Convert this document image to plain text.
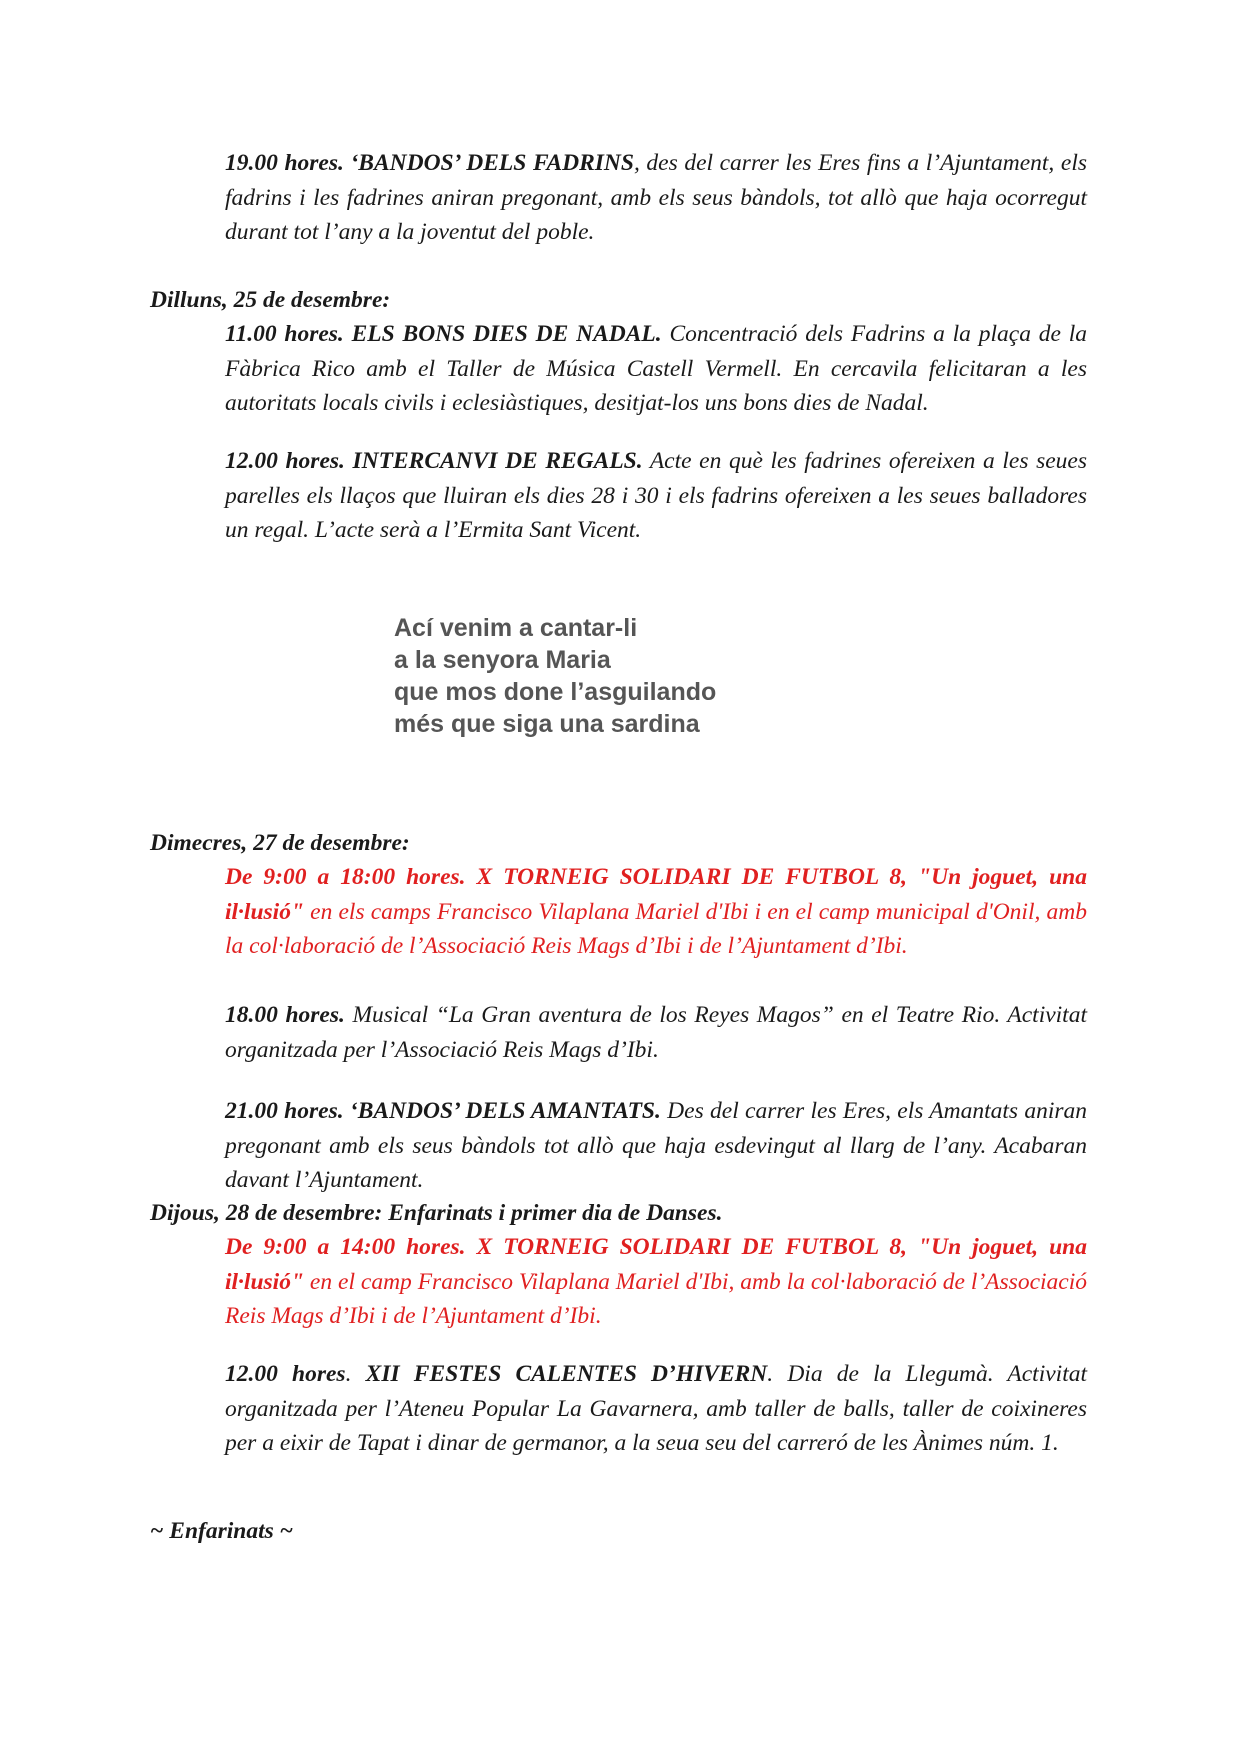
19.00 hores. ‘BANDOS’ DELS FADRINS, des del carrer les Eres fins a l’Ajuntament, els fadrins i les fadrines aniran pregonant, amb els seus bàndols, tot allò que haja ocorregut durant tot l’any a la joventut del poble.
Dilluns, 25 de desembre:
11.00 hores. ELS BONS DIES DE NADAL. Concentració dels Fadrins a la plaça de la Fàbrica Rico amb el Taller de Música Castell Vermell. En cercavila felicitaran a les autoritats locals civils i eclesiàstiques, desitjat-los uns bons dies de Nadal.
12.00 hores. INTERCANVI DE REGALS. Acte en què les fadrines ofereixen a les seues parelles els llaços que lluiran els dies 28 i 30 i els fadrins ofereixen a les seues balladores un regal. L’acte serà a l’Ermita Sant Vicent.
Ací venim a cantar-li
a la senyora Maria
que mos done l’asguilando
més que siga una sardina
Dimecres, 27 de desembre:
De 9:00 a 18:00 hores. X TORNEIG SOLIDARI DE FUTBOL 8, "Un joguet, una il·lusió" en els camps Francisco Vilaplana Mariel d'Ibi i en el camp municipal d'Onil, amb la col·laboració de l’Associació Reis Mags d’Ibi i de l’Ajuntament d’Ibi.
18.00 hores. Musical “La Gran aventura de los Reyes Magos” en el Teatre Rio. Activitat organitzada per l’Associació Reis Mags d’Ibi.
21.00 hores. ‘BANDOS’ DELS AMANTATS. Des del carrer les Eres, els Amantats aniran pregonant amb els seus bàndols tot allò que haja esdevingut al llarg de l’any. Acabaran davant l’Ajuntament.
Dijous, 28 de desembre: Enfarinats i primer dia de Danses.
De 9:00 a 14:00 hores. X TORNEIG SOLIDARI DE FUTBOL 8, "Un joguet, una il·lusió" en el camp Francisco Vilaplana Mariel d'Ibi, amb la col·laboració de l’Associació Reis Mags d’Ibi i de l’Ajuntament d’Ibi.
12.00 hores. XII FESTES CALENTES D’HIVERN. Dia de la Llegumà. Activitat organitzada per l’Ateneu Popular La Gavarnera, amb taller de balls, taller de coixineres per a eixir de Tapat i dinar de germanor, a la seua seu del carreró de les Ànimes núm. 1.
~ Enfarinats ~
